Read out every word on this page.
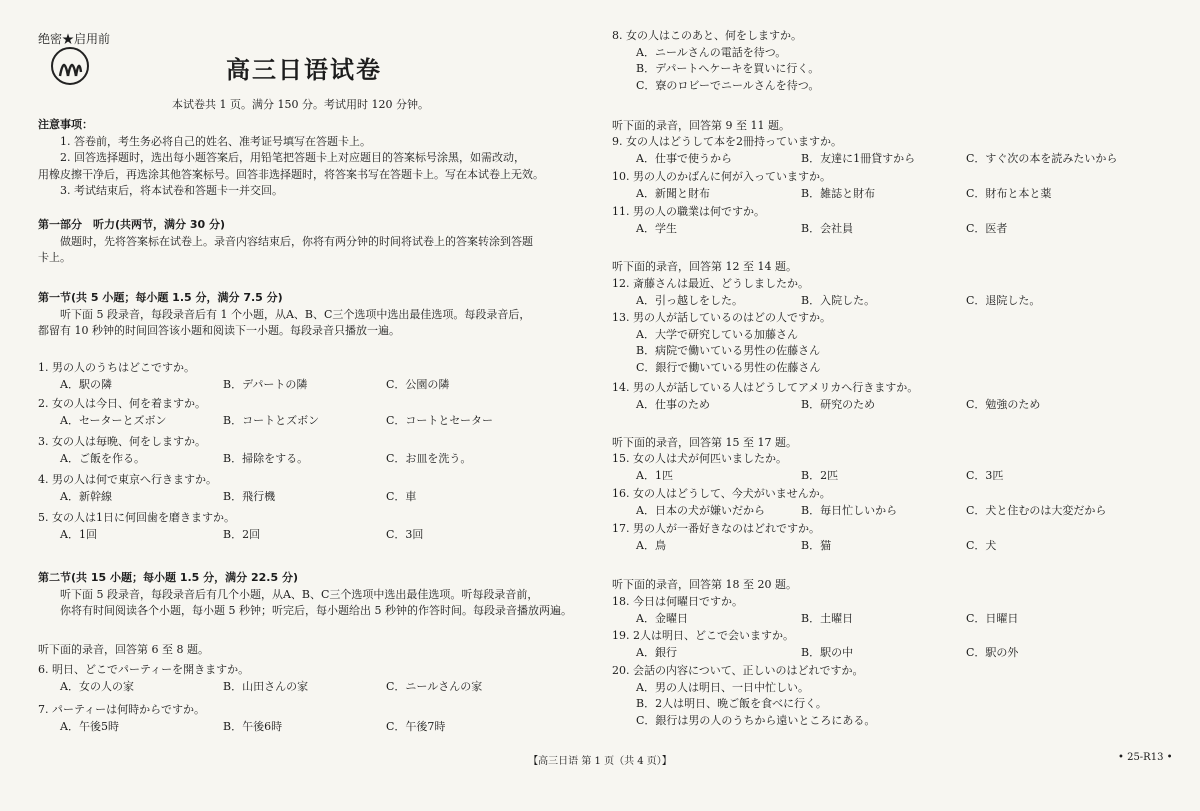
绝密★启用前
高三日语试卷
本试卷共 1 页。满分 150 分。考试用时 120 分钟。
注意事项：

1. 答卷前，考生务必将自己的姓名、准考证号填写在答题卡上。

2. 回答选择题时，选出每小题答案后，用铅笔把答题卡上对应题目的答案标号涂黑，如需改动，

用橡皮擦干净后，再选涂其他答案标号。回答非选择题时，将答案书写在答题卡上。写在本试卷上无效。

3. 考试结束后，将本试卷和答题卡一并交回。

第一部分　听力(共两节，满分 30 分)

做题时，先将答案标在试卷上。录音内容结束后，你将有两分钟的时间将试卷上的答案转涂到答题

卡上。

第一节(共 5 小题；每小题 1.5 分，满分 7.5 分)

听下面 5 段录音，每段录音后有 1 个小题，从A、B、C三个选项中选出最佳选项。每段录音后，

都留有 10 秒钟的时间回答该小题和阅读下一小题。每段录音只播放一遍。

1. 男の人のうちはどこですか。

A．駅の隣	B．デパートの隣	C．公園の隣

2. 女の人は今日、何を着ますか。

A．セーターとズボン	B．コートとズボン	C．コートとセーター

3. 女の人は毎晩、何をしますか。

A．ご飯を作る。	B．掃除をする。	C．お皿を洗う。

4. 男の人は何で東京へ行きますか。

A．新幹線	B．飛行機	C．車

5. 女の人は1日に何回歯を磨きますか。

A．1回	B．2回	C．3回
第二节(共 15 小题；每小题 1.5 分，满分 22.5 分)

听下面 5 段录音，每段录音后有几个小题，从A、B、C三个选项中选出最佳选项。听每段录音前，

你将有时间阅读各个小题，每小题 5 秒钟；听完后，每小题给出 5 秒钟的作答时间。每段录音播放两遍。

听下面的录音，回答第 6 至 8 题。

6. 明日、どこでパーティーを開きますか。

A．女の人の家	B．山田さんの家	C．ニールさんの家

7. パーティーは何時からですか。

A．午後5時	B．午後6時	C．午後7時

8. 女の人はこのあと、何をしますか。

A．ニールさんの電話を待つ。

B．デパートへケーキを買いに行く。

C．寮のロビーでニールさんを待つ。

听下面的录音，回答第 9 至 11 题。

9. 女の人はどうして本を2冊持っていますか。

A．仕事で使うから	B．友達に1冊貸すから	C．すぐ次の本を読みたいから

10. 男の人のかばんに何が入っていますか。

A．新聞と財布	B．雑誌と財布	C．財布と本と薬

11. 男の人の職業は何ですか。

A．学生	B．会社員	C．医者

听下面的录音，回答第 12 至 14 题。

12. 斎藤さんは最近、どうしましたか。

A．引っ越しをした。	B．入院した。	C．退院した。

13. 男の人が話しているのはどの人ですか。

A．大学で研究している加藤さん

B．病院で働いている男性の佐藤さん

C．銀行で働いている男性の佐藤さん

14. 男の人が話している人はどうしてアメリカへ行きますか。

A．仕事のため	B．研究のため	C．勉強のため

听下面的录音，回答第 15 至 17 题。

15. 女の人は犬が何匹いましたか。

A．1匹	B．2匹	C．3匹

16. 女の人はどうして、今犬がいませんか。

A．日本の犬が嫌いだから	B．毎日忙しいから	C．犬と住むのは大変だから

17. 男の人が一番好きなのはどれですか。

A．鳥	B．猫	C．犬

听下面的录音，回答第 18 至 20 题。

18. 今日は何曜日ですか。

A．金曜日	B．土曜日	C．日曜日

19. 2人は明日、どこで会いますか。

A．銀行	B．駅の中	C．駅の外

20. 会話の内容について、正しいのはどれですか。

A．男の人は明日、一日中忙しい。

B．2人は明日、晩ご飯を食べに行く。

C．銀行は男の人のうちから遠いところにある。

【高三日语 第 1 页（共 4 页）】	• 25-R13 •
